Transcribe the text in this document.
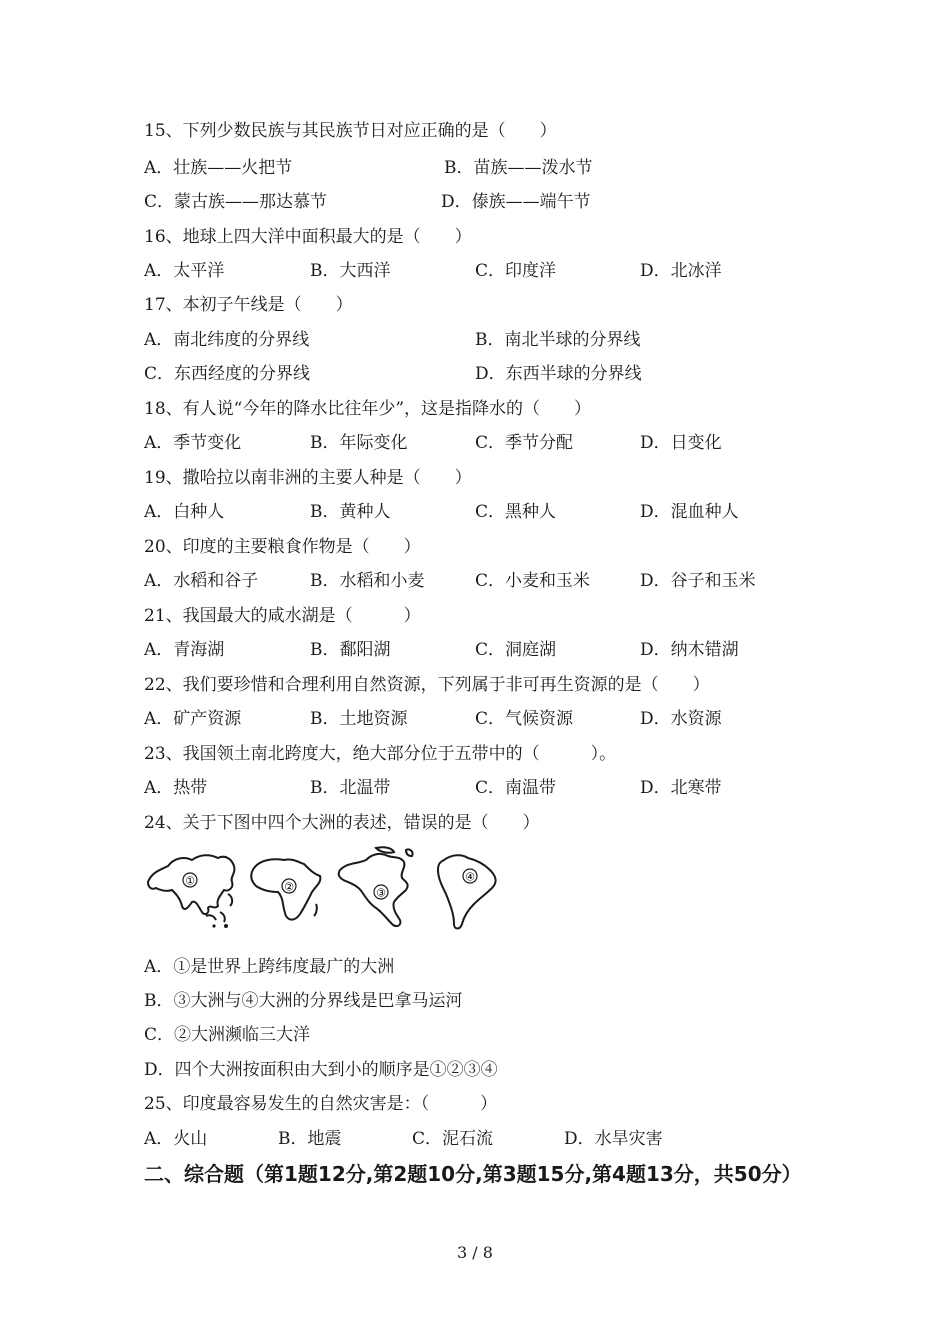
15、下列少数民族与其民族节日对应正确的是（　　）
A．壮族——火把节	B．苗族——泼水节
C．蒙古族——那达慕节	D．傣族——端午节
16、地球上四大洋中面积最大的是（　　）
A．太平洋	B．大西洋	C．印度洋	D．北冰洋
17、本初子午线是（　　）
A．南北纬度的分界线	B．南北半球的分界线
C．东西经度的分界线	D．东西半球的分界线
18、有人说“今年的降水比往年少”，这是指降水的（　　）
A．季节变化	B．年际变化	C．季节分配	D．日变化
19、撒哈拉以南非洲的主要人种是（　　）
A．白种人	B．黄种人	C．黑种人	D．混血种人
20、印度的主要粮食作物是（　　）
A．水稻和谷子	B．水稻和小麦	C．小麦和玉米	D．谷子和玉米
21、我国最大的咸水湖是（　　　）
A．青海湖	B．鄱阳湖	C．洞庭湖	D．纳木错湖
22、我们要珍惜和合理利用自然资源，下列属于非可再生资源的是（　　）
A．矿产资源	B．土地资源	C．气候资源	D．水资源
23、我国领土南北跨度大，绝大部分位于五带中的（　　　）。
A．热带	B．北温带	C．南温带	D．北寒带
24、关于下图中四个大洲的表述，错误的是（　　）
①	②	③
④
A．①是世界上跨纬度最广的大洲
B．③大洲与④大洲的分界线是巴拿马运河
C．②大洲濒临三大洋
D．四个大洲按面积由大到小的顺序是①②③④
25、印度最容易发生的自然灾害是：（　　　）
A．火山	B．地震	C．泥石流	D．水旱灾害
二、综合题（第1题12分,第2题10分,第3题15分,第4题13分，共50分）
3 / 8
